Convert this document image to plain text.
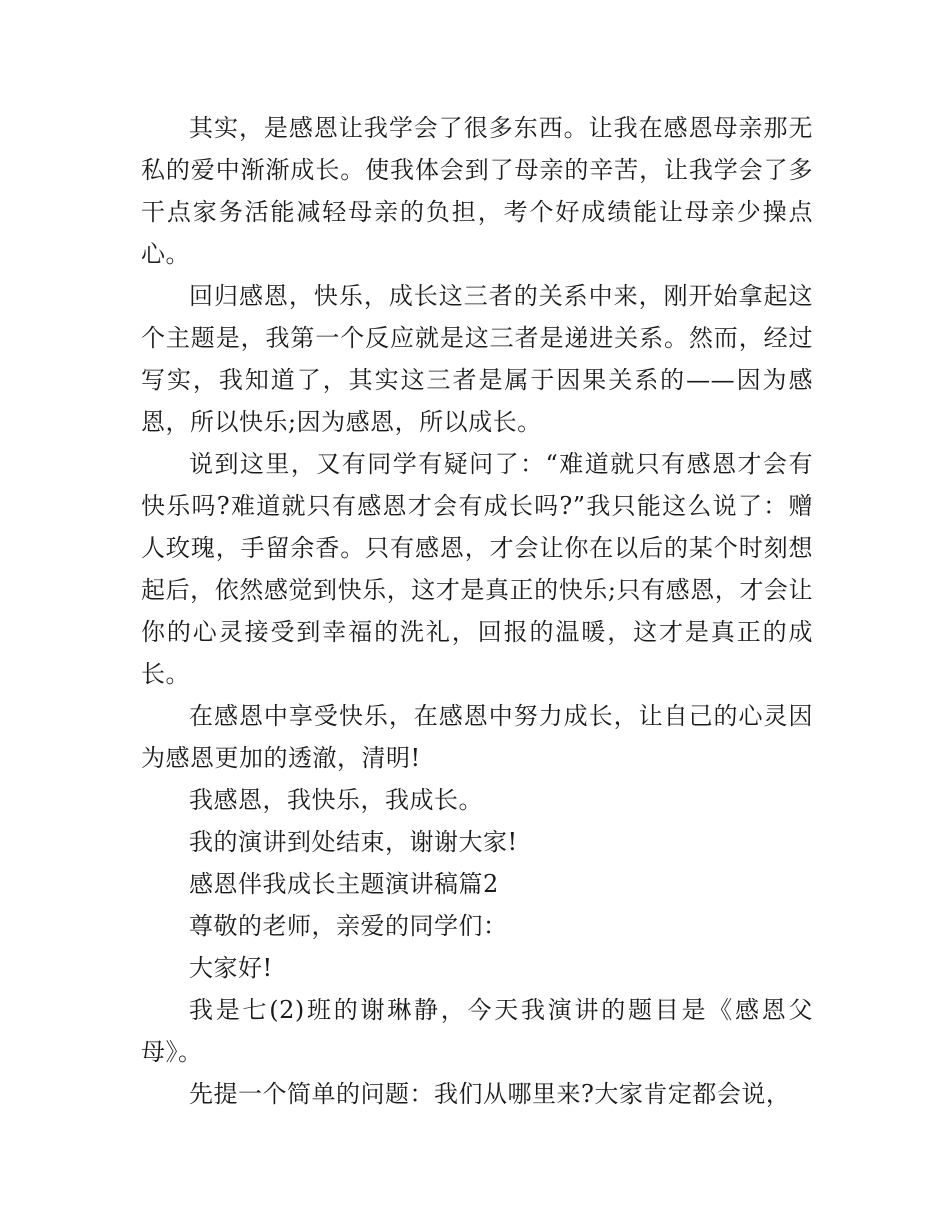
其实，是感恩让我学会了很多东西。让我在感恩母亲那无私的爱中渐渐成长。使我体会到了母亲的辛苦，让我学会了多干点家务活能减轻母亲的负担，考个好成绩能让母亲少操点心。

回归感恩，快乐，成长这三者的关系中来，刚开始拿起这个主题是，我第一个反应就是这三者是递进关系。然而，经过写实，我知道了，其实这三者是属于因果关系的——因为感恩，所以快乐;因为感恩，所以成长。

说到这里，又有同学有疑问了：“难道就只有感恩才会有快乐吗?难道就只有感恩才会有成长吗?”我只能这么说了：赠人玫瑰，手留余香。只有感恩，才会让你在以后的某个时刻想起后，依然感觉到快乐，这才是真正的快乐;只有感恩，才会让你的心灵接受到幸福的洗礼，回报的温暖，这才是真正的成长。

在感恩中享受快乐，在感恩中努力成长，让自己的心灵因为感恩更加的透澈，清明!

我感恩，我快乐，我成长。

我的演讲到处结束，谢谢大家!

感恩伴我成长主题演讲稿篇2

尊敬的老师，亲爱的同学们：

大家好!

我是七(2)班的谢琳静，今天我演讲的题目是《感恩父母》。

先提一个简单的问题：我们从哪里来?大家肯定都会说，
